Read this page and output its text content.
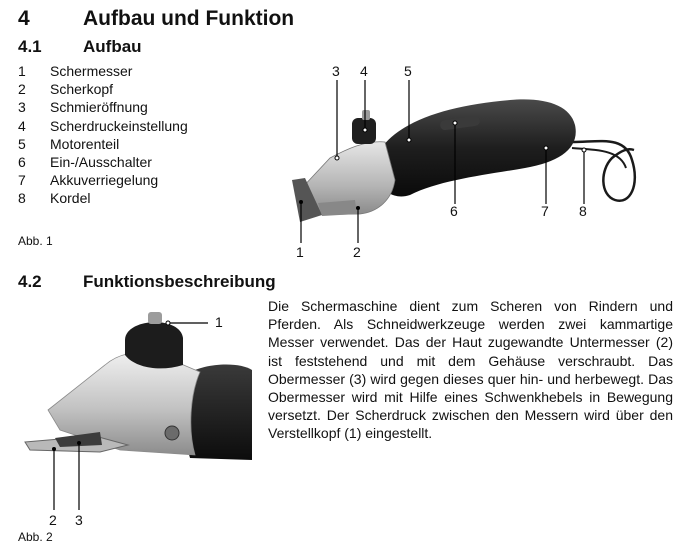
4	Aufbau und Funktion
4.1 Aufbau
1	Schermesser
2	Scherkopf
3	Schmieröffnung
4	Scherdruckeinstellung
5	Motorenteil
6	Ein-/Ausschalter
7	Akkuverriegelung
8	Kordel
Abb. 1
1	2
3 4	5
6	7 8
4.2 Funktionsbeschreibung
1
2 3
Abb. 2
Die Schermaschine dient zum Scheren von Rindern und Pferden. Als Schneidwerkzeuge werden zwei kammartige Messer verwendet. Das der Haut zugewandte Untermesser (2) ist feststehend und mit dem Gehäuse verschraubt. Das Obermesser (3) wird gegen dieses quer hin- und herbewegt. Das Obermesser wird mit Hilfe eines Schwenkhebels in Bewegung versetzt. Der Scherdruck zwischen den Messern wird über den Verstellkopf (1) eingestellt.
